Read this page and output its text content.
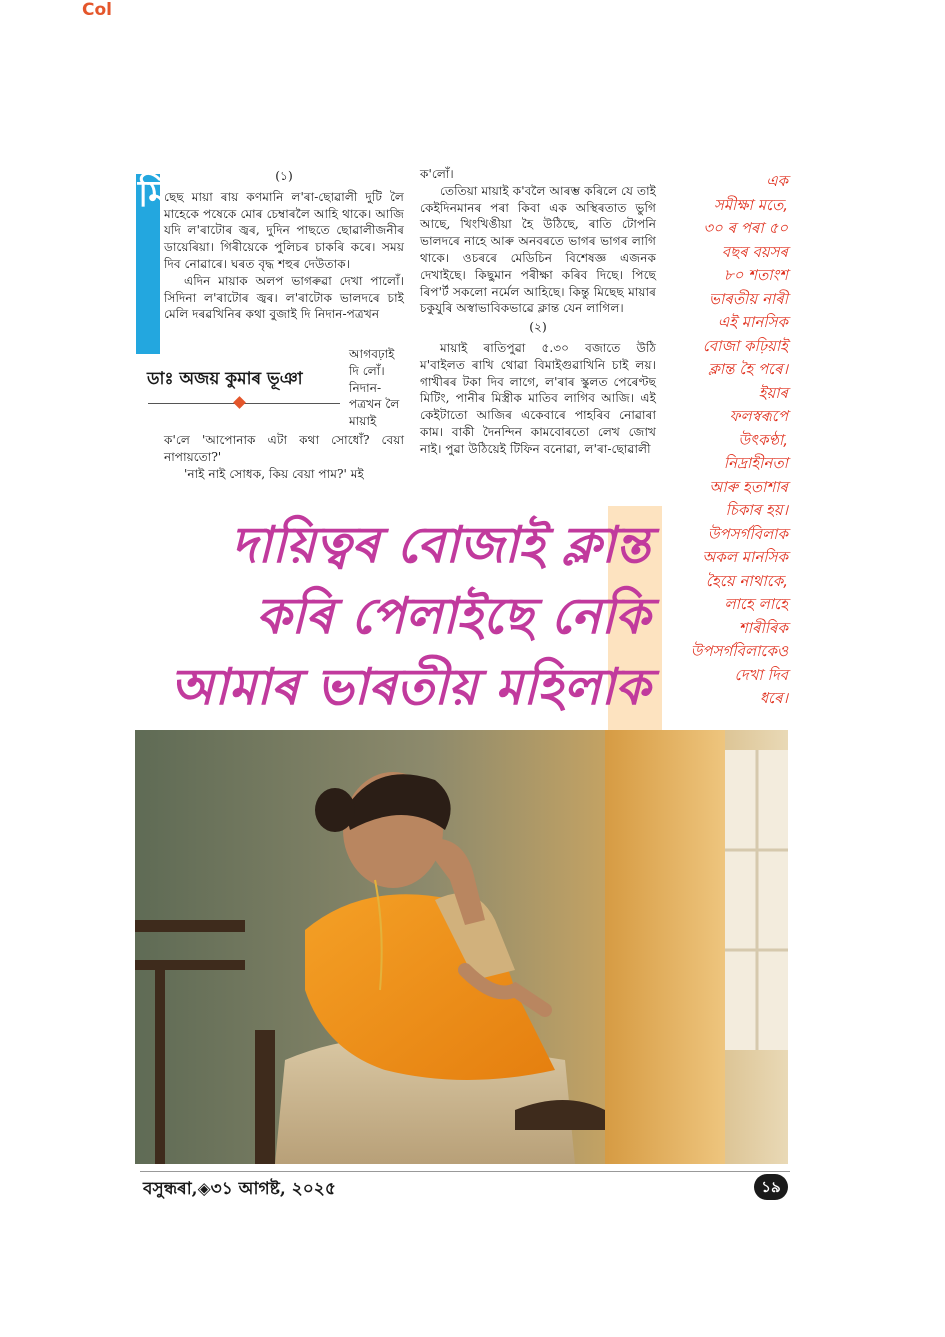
Col
মি	(১)

ছেছ মায়া ৰায় কণমানি ল'ৰা-ছোৱালী দুটি লৈ মাহেকে পষেকে মোৰ চেম্বাৰলৈ আহি থাকে। আজি যদি ল'ৰাটোৰ জ্বৰ, দুদিন পাছতে ছোৱালীজনীৰ ডায়েৰিয়া। গিৰীয়েকে পুলিচৰ চাকৰি কৰে। সময় দিব নোৱাৰে। ঘৰত বৃদ্ধ শহুৰ দেউতাক।

এদিন মায়াক অলপ ভাগৰুৱা দেখা পালোঁ। সিদিনা ল'ৰাটোৰ জ্বৰ। ল'ৰাটোক ভালদৰে চাই মেলি দৰৱখিনিৰ কথা বুজাই দি নিদান-পত্ৰখন

ডাঃ অজয় কুমাৰ ভূঞা

আগবঢ়াই দি লোঁ। নিদান-পত্ৰখন লৈ মায়াই

ক'লে 'আপোনাক এটা কথা সোধোঁ? বেয়া নাপায়তো?'

'নাই নাই সোধক, কিয় বেয়া পাম?' মই

ক'লোঁ।

তেতিয়া মায়াই ক'বলৈ আৰম্ভ কৰিলে যে তাই কেইদিনমানৰ পৰা কিবা এক অস্থিৰতাত ভুগি আছে, খিংখিঙীয়া হৈ উঠিছে, ৰাতি টোপনি ভালদৰে নাহে আৰু অনবৰতে ভাগৰ ভাগৰ লাগি থাকে। ওচৰৰে মেডিচিন বিশেষজ্ঞ এজনক দেখাইছে। কিছুমান পৰীক্ষা কৰিব দিছে। পিছে ৰিপ'ৰ্ট সকলো নৰ্মেল আহিছে। কিন্তু মিছেছ মায়াৰ চকুযুৰি অস্বাভাবিকভাৱে ক্লান্ত যেন লাগিল।

(২)

মায়াই ৰাতিপুৱা ৫.৩০ বজাতে উঠি ম'বাইলত ৰাখি থোৱা বিমাইগুৱাখিনি চাই লয়। গাখীৰৰ টকা দিব লাগে, ল'ৰাৰ স্কুলত পেৰেণ্টছ মিটিং, পানীৰ মিস্ত্ৰীক মাতিব লাগিব আজি। এই কেইটাতো আজিৰ একেবাৰে পাহৰিব নোৱাৰা কাম। বাকী দৈনন্দিন কামবোৰতো লেখ জোখ নাই। পুৱা উঠিয়েই টিফিন বনোৱা, ল'ৰা-ছোৱালী

এক
সমীক্ষা মতে,
৩০ ৰ পৰা ৫০
বছৰ বয়সৰ
৮০ শতাংশ
ভাৰতীয় নাৰী
এই মানসিক
বোজা কঢ়িয়াই
ক্লান্ত হৈ পৰে।
ইয়াৰ
ফলস্বৰূপে
উৎকণ্ঠা,
নিদ্ৰাহীনতা
আৰু হতাশাৰ
চিকাৰ হয়।
উপসৰ্গবিলাক
অকল মানসিক
হৈয়ে নাথাকে,
লাহে লাহে
শাৰীৰিক
উপসৰ্গবিলাকেও
দেখা দিব
ধৰে।
দায়িত্বৰ বোজাই ক্লান্ত
কৰি পেলাইছে নেকি
আমাৰ ভাৰতীয় মহিলাক
বসুন্ধৰা,◈৩১ আগষ্ট, ২০২৫	১৯
